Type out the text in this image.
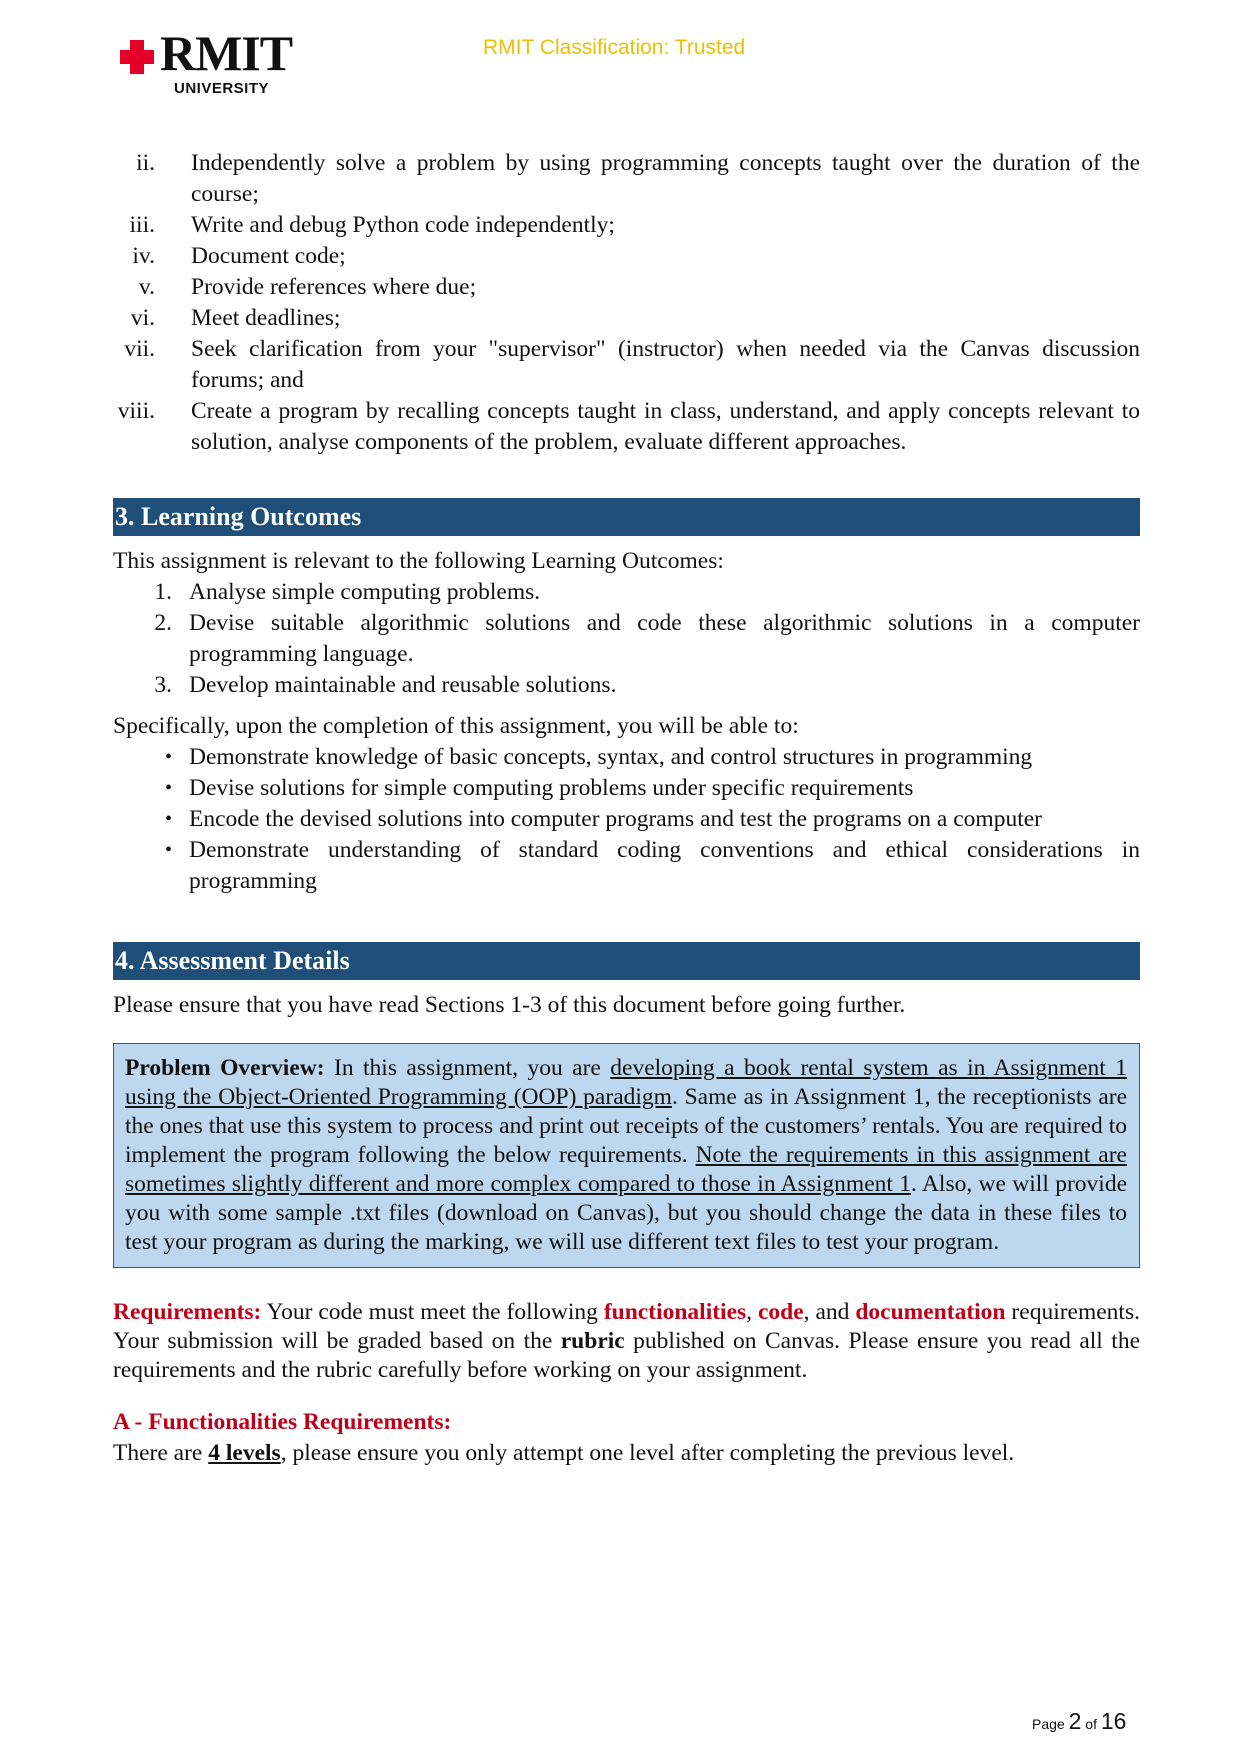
RMIT
UNIVERSITY
RMIT Classification: Trusted
ii.	Independently solve a problem by using programming concepts taught over the duration of the course;
iii.	Write and debug Python code independently;
iv.	Document code;
v.	Provide references where due;
vi.	Meet deadlines;
vii.	Seek clarification from your "supervisor" (instructor) when needed via the Canvas discussion forums; and
viii.	Create a program by recalling concepts taught in class, understand, and apply concepts relevant to solution, analyse components of the problem, evaluate different approaches.
3. Learning Outcomes

This assignment is relevant to the following Learning Outcomes:

1. Analyse simple computing problems.
2. Devise suitable algorithmic solutions and code these algorithmic solutions in a computer programming language.
3. Develop maintainable and reusable solutions.

Specifically, upon the completion of this assignment, you will be able to:

• Demonstrate knowledge of basic concepts, syntax, and control structures in programming
• Devise solutions for simple computing problems under specific requirements
• Encode the devised solutions into computer programs and test the programs on a computer
• Demonstrate understanding of standard coding conventions and ethical considerations in programming
4. Assessment Details

Please ensure that you have read Sections 1-3 of this document before going further.

Problem Overview: In this assignment, you are developing a book rental system as in Assignment 1 using the Object-Oriented Programming (OOP) paradigm. Same as in Assignment 1, the receptionists are the ones that use this system to process and print out receipts of the customers’ rentals. You are required to implement the program following the below requirements. Note the requirements in this assignment are sometimes slightly different and more complex compared to those in Assignment 1. Also, we will provide you with some sample .txt files (download on Canvas), but you should change the data in these files to test your program as during the marking, we will use different text files to test your program.

Requirements: Your code must meet the following functionalities, code, and documentation requirements. Your submission will be graded based on the rubric published on Canvas. Please ensure you read all the requirements and the rubric carefully before working on your assignment.

A - Functionalities Requirements:

There are 4 levels, please ensure you only attempt one level after completing the previous level.

Page 2 of 16
